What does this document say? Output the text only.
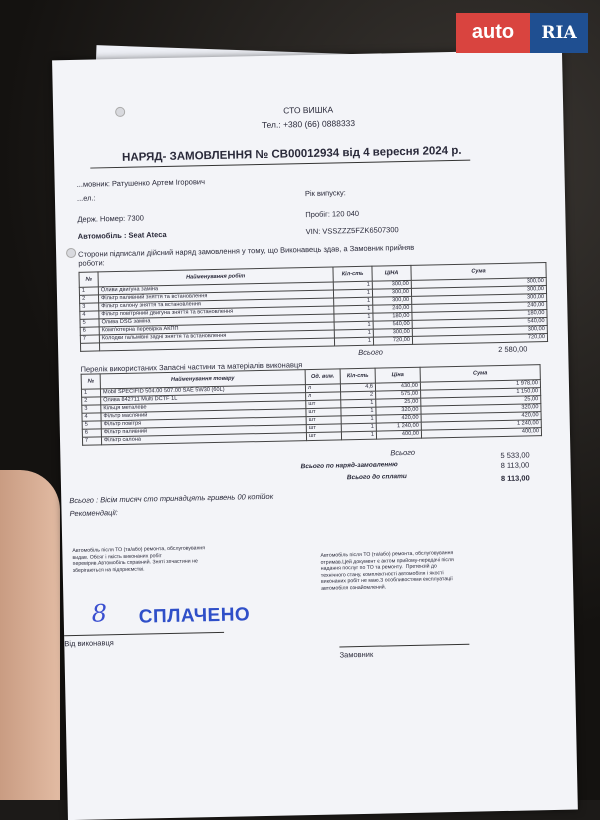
СТО ВИШКА
Тел.: +380 (66) 0888333
НАРЯД- ЗАМОВЛЕННЯ № СВ00012934 від 4 вересня 2024 р.
...мовник: Ратушенко Артем Ігорович
...ел.:
Рік випуску:
Держ. Номер: 7300	Пробіг: 120 040
Автомобіль : Seat Ateca	VIN: VSSZZZ5FZK6507300
Сторони підписали дійсний наряд замовлення у тому, що Виконавець здав, а Замовник прийняв
роботи:
№	Найменування робіт	Кіл-сть	ЦІНА	Сума
1	Оливи двигуна заміна	1	300,00	300,00
2	Фільтр паливний зняття та встановлення	1	300,00	300,00
3	Фільтр салону зняття та встановлення	1	300,00	300,00
4	Фільтр повітряний двигуна зняття та встановлення	1	240,00	240,00
5	Олива DSG заміна	1	180,00	180,00
6	Комп'ютерна перевірка АКПП	1	540,00	540,00
7	Колодки гальмівні задні зняття та встановлення	1	300,00	300,00
		1	720,00	720,00
Всього	2 580,00
Перелік використаних Запасні частини та матеріалів виконавця
№	Найменування товару	Од. вим.	Кіл-сть	Ціна	Сума
1	Mobil SPECIFID 504.00 507.00 SAE 5W30 (60L)	л	4,6	430,00	1 978,00
2	Олива 842711 Multi DCTF 1L	л	2	575,00	1 150,00
3	Кільця металеве	шт	1	25,00	25,00
4	Фільтр масляний	шт	1	320,00	320,00
5	Фільтр повітря	шт	1	420,00	420,00
6	Фільтр паливний	шт	1	1 240,00	1 240,00
7	Фільтр салона	шт	1	400,00	400,00
Всього	5 533,00
Всього по наряд-замовленню	8 113,00
Всього до сплати	8 113,00
Всього : Вісім тисяч сто тринадцять гривень 00 копійок
Рекомендації:
Автомобіль після ТО (та/або) ремонта, обслуговування
видав. Обсяг і якість виконаних робіт
перевірив.Автомобіль справний. Зняті зпчастини не
зберігаються на підприємстві.
Автомобіль після ТО (та/або) ремонта, обслуговування
отримав.Цей документ є актом прийому-передачі після
надання послуг по ТО та ремонту.  Претензій до
технічного стану, комплектності автомобіля і якості
виконаних робіт не маю.З особливостями експлуатації
автомобіля ознайомлений.
8 СПЛАЧЕНО
Від виконавця
Замовник
auto	RIA
